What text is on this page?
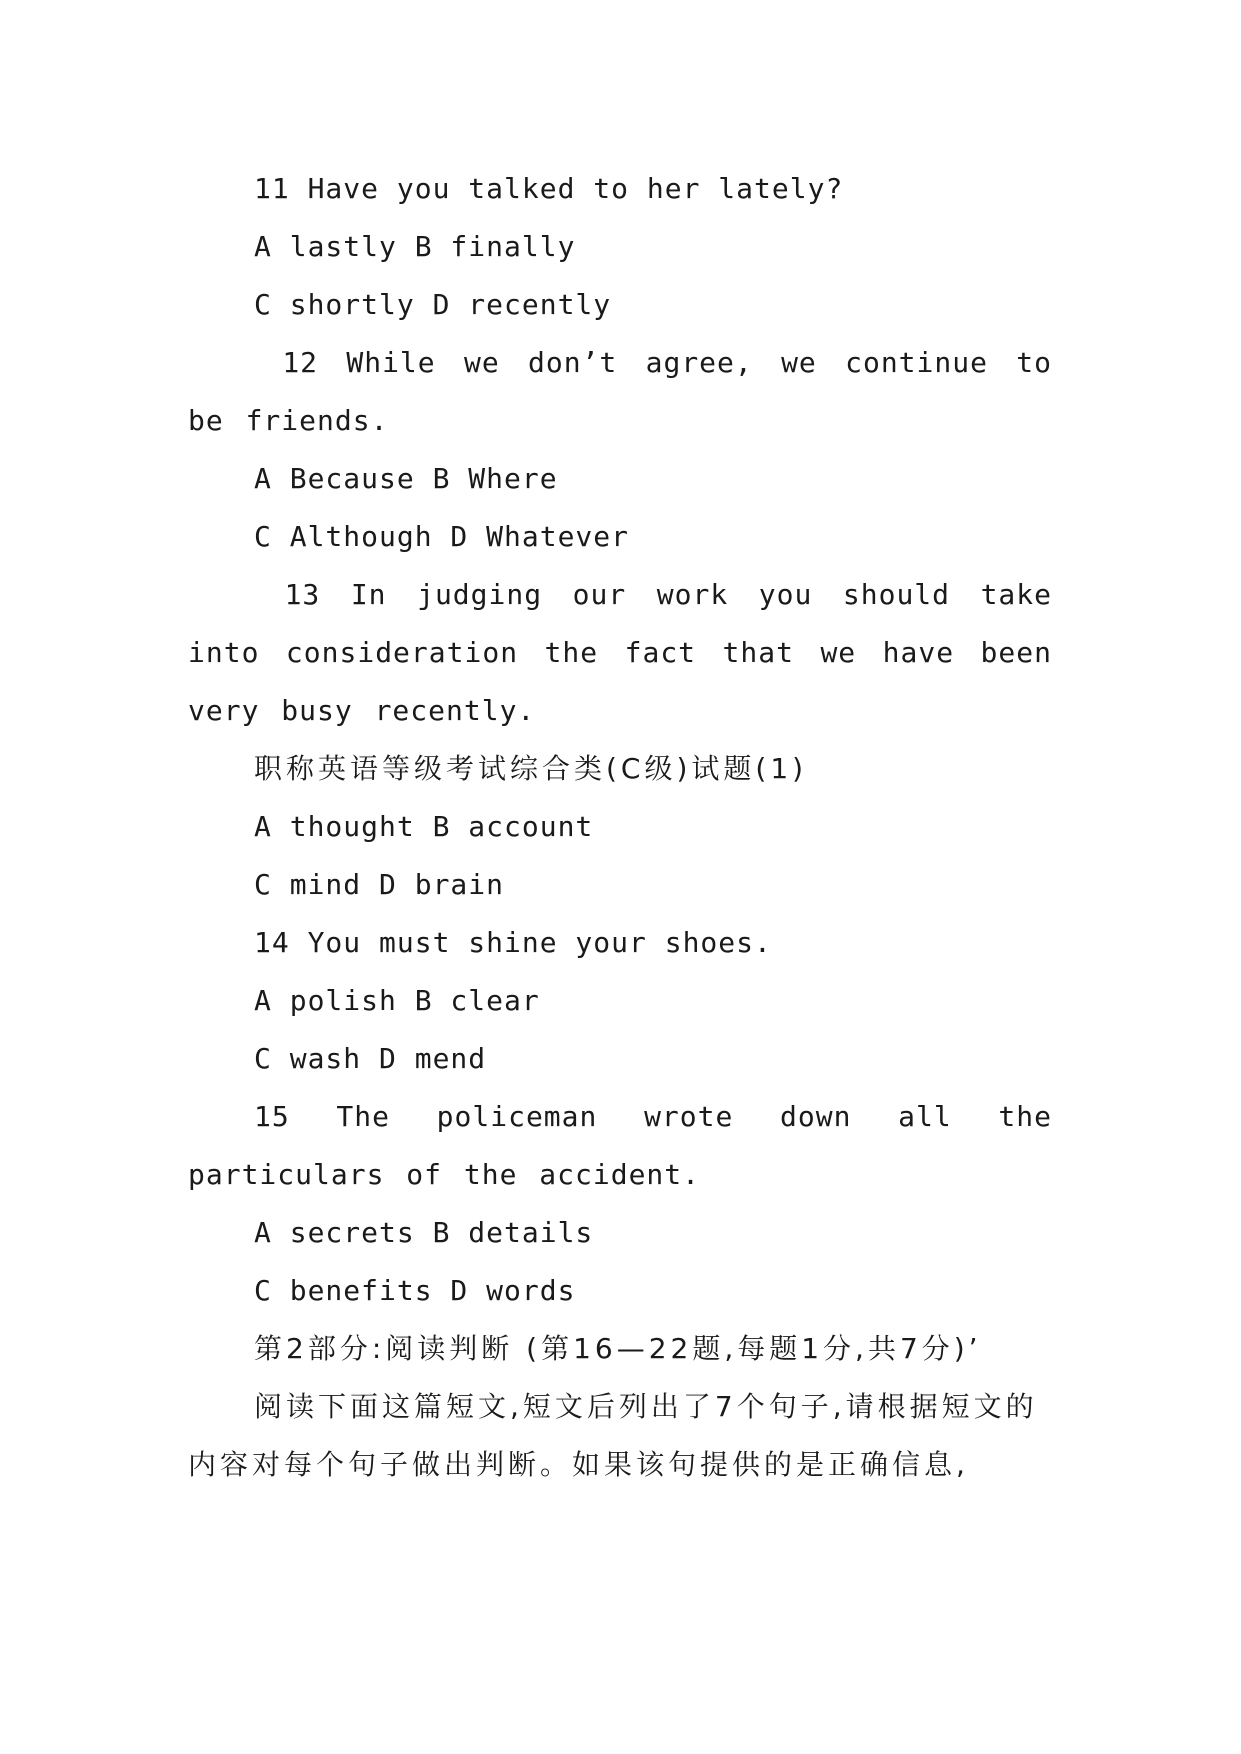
11 Have you talked to her lately?

A lastly B finally

C shortly D recently

12 While we don’t agree, we continue to be friends.

A Because B Where

C Although D Whatever

13 In judging our work you should take into consideration the fact that we have been very busy recently.

职称英语等级考试综合类(C级)试题(1)

A thought B account

C mind D brain

14 You must shine your shoes.

A polish B clear

C wash D mend

15 The policeman wrote down all the particulars of the accident.

A secrets B details

C benefits D words

第2部分:阅读判断 (第16—22题,每题1分,共7分)’

阅读下面这篇短文,短文后列出了7个句子,请根据短文的内容对每个句子做出判断。如果该句提供的是正确信息,
